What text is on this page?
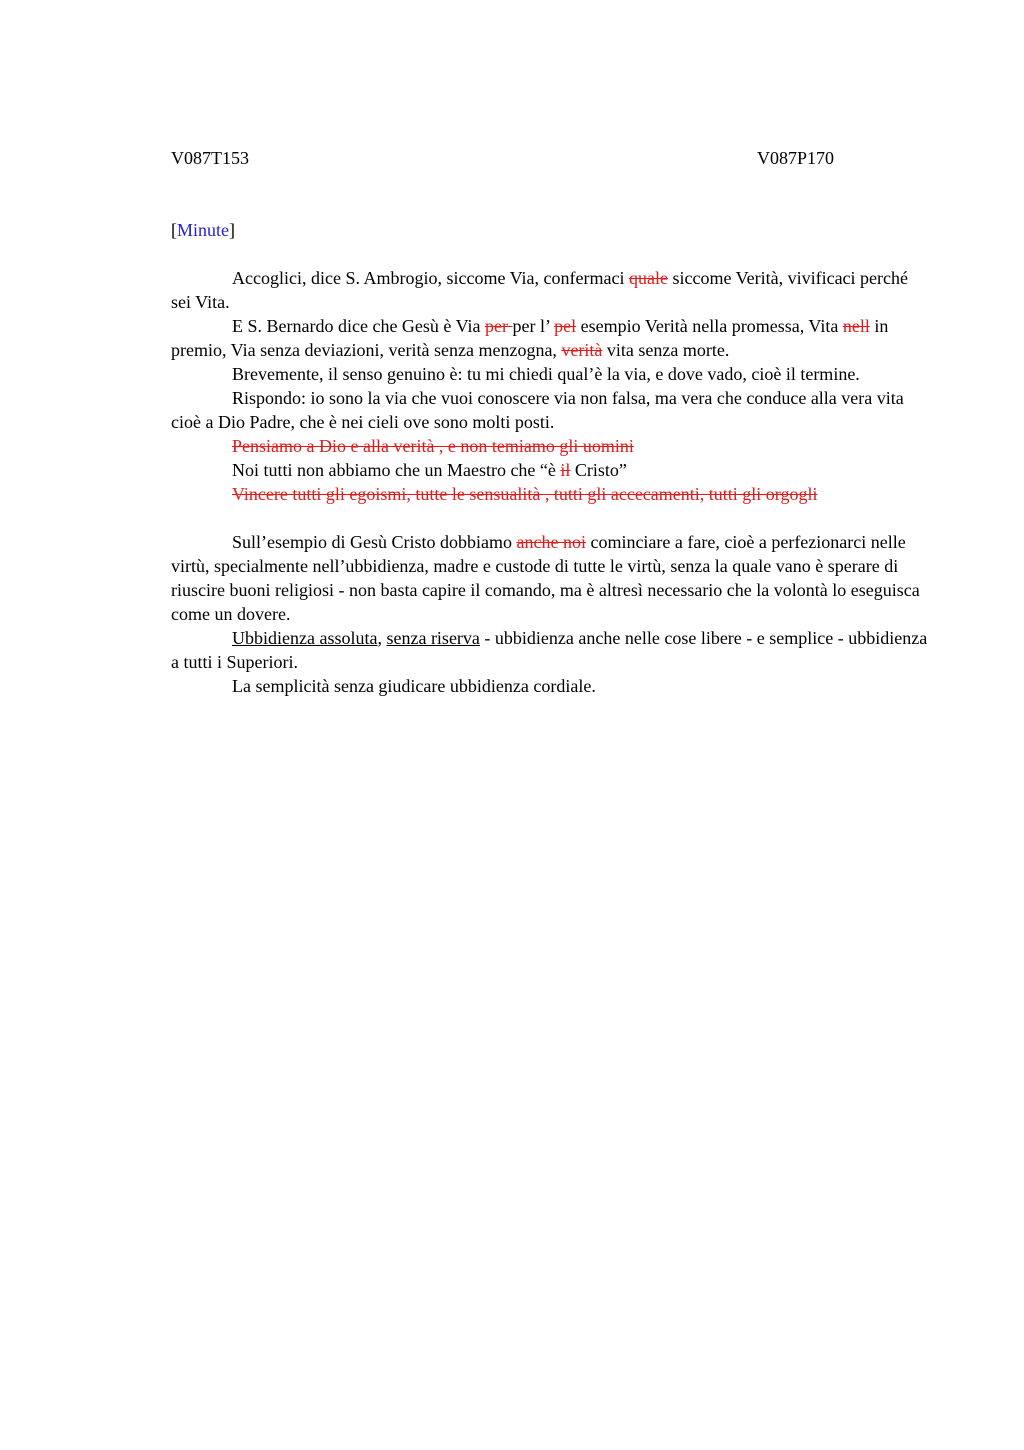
V087T153	V087P170
[Minute]

Accoglici, dice S. Ambrogio, siccome Via, confermaci quale siccome Verità, vivificaci perché sei Vita.

E S. Bernardo dice che Gesù è Via per per l’ pel esempio Verità nella promessa, Vita nell in premio, Via senza deviazioni, verità senza menzogna, verità vita senza morte.

Brevemente, il senso genuino è: tu mi chiedi qual’è la via, e dove vado, cioè il termine.

Rispondo: io sono la via che vuoi conoscere via non falsa, ma vera che conduce alla vera vita cioè a Dio Padre, che è nei cieli ove sono molti posti.

Pensiamo a Dio e alla verità , e non temiamo gli uomini

Noi tutti non abbiamo che un Maestro che “è il Cristo”

Vincere tutti gli egoismi, tutte le sensualità , tutti gli accecamenti, tutti gli orgogli

Sull’esempio di Gesù Cristo dobbiamo anche noi cominciare a fare, cioè a perfezionarci nelle virtù, specialmente nell’ubbidienza, madre e custode di tutte le virtù, senza la quale vano è sperare di riuscire buoni religiosi - non basta capire il comando, ma è altresì necessario che la volontà lo eseguisca come un dovere.

Ubbidienza assoluta, senza riserva - ubbidienza anche nelle cose libere - e semplice - ubbidienza a tutti i Superiori.

La semplicità senza giudicare ubbidienza cordiale.
